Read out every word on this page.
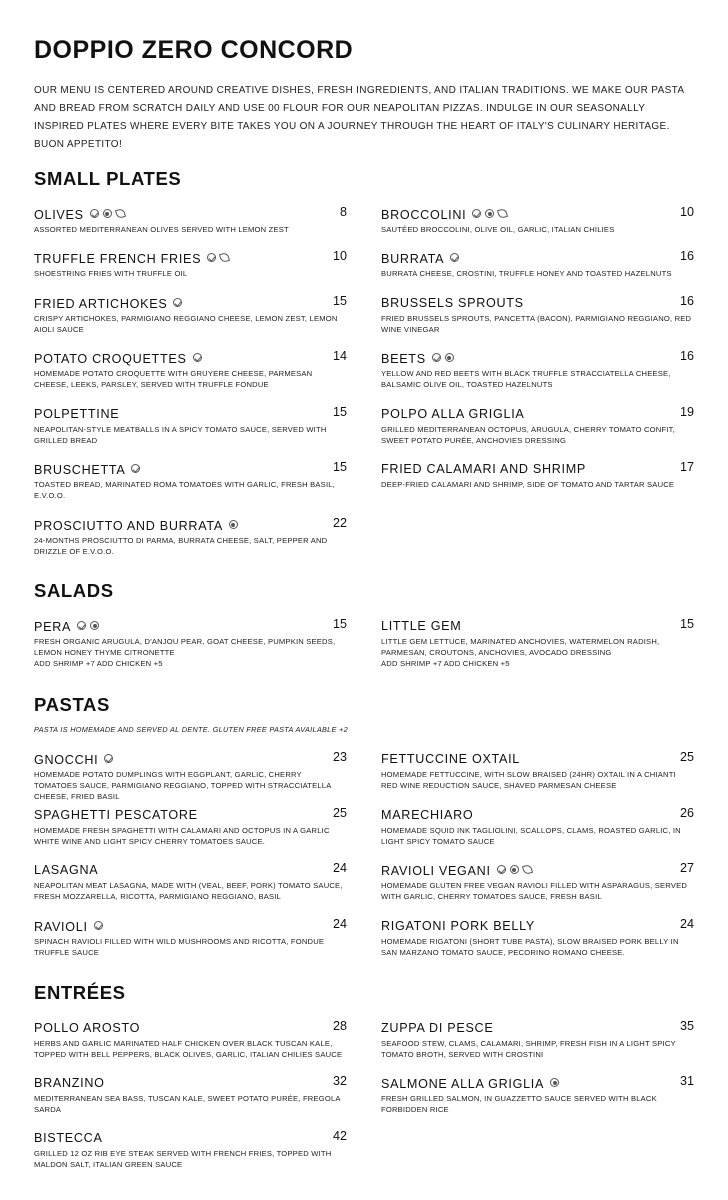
DOPPIO ZERO CONCORD

OUR MENU IS CENTERED AROUND CREATIVE DISHES, FRESH INGREDIENTS, AND ITALIAN TRADITIONS. WE MAKE OUR PASTA AND BREAD FROM SCRATCH DAILY AND USE 00 FLOUR FOR OUR NEAPOLITAN PIZZAS. INDULGE IN OUR SEASONALLY INSPIRED PLATES WHERE EVERY BITE TAKES YOU ON A JOURNEY THROUGH THE HEART OF ITALY'S CULINARY HERITAGE. BUON APPETITO!

SMALL PLATES
OLIVES	8

ASSORTED MEDITERRANEAN OLIVES SERVED WITH LEMON ZEST

BROCCOLINI	10

SAUTÉED BROCCOLINI, OLIVE OIL, GARLIC, ITALIAN CHILIES

TRUFFLE FRENCH FRIES	10

SHOESTRING FRIES WITH TRUFFLE OIL

BURRATA	16

BURRATA CHEESE, CROSTINI, TRUFFLE HONEY AND TOASTED HAZELNUTS

FRIED ARTICHOKES	15

CRISPY ARTICHOKES, PARMIGIANO REGGIANO CHEESE, LEMON ZEST, LEMON AIOLI SAUCE

BRUSSELS SPROUTS	16

FRIED BRUSSELS SPROUTS, PANCETTA (BACON), PARMIGIANO REGGIANO, RED WINE VINEGAR

POTATO CROQUETTES	14

HOMEMADE POTATO CROQUETTE WITH GRUYERE CHEESE, PARMESAN CHEESE, LEEKS, PARSLEY, SERVED WITH TRUFFLE FONDUE

BEETS	16

YELLOW AND RED BEETS WITH BLACK TRUFFLE STRACCIATELLA CHEESE, BALSAMIC OLIVE OIL, TOASTED HAZELNUTS

POLPETTINE	15

NEAPOLITAN-STYLE MEATBALLS IN A SPICY TOMATO SAUCE, SERVED WITH GRILLED BREAD

POLPO ALLA GRIGLIA	19

GRILLED MEDITERRANEAN OCTOPUS, ARUGULA, CHERRY TOMATO CONFIT, SWEET POTATO PURÉE, ANCHOVIES DRESSING

BRUSCHETTA	15

TOASTED BREAD, MARINATED ROMA TOMATOES WITH GARLIC, FRESH BASIL, E.V.O.O.

FRIED CALAMARI AND SHRIMP	17

DEEP-FRIED CALAMARI AND SHRIMP, SIDE OF TOMATO AND TARTAR SAUCE

PROSCIUTTO AND BURRATA	22

24-MONTHS PROSCIUTTO DI PARMA, BURRATA CHEESE, SALT, PEPPER AND DRIZZLE OF E.V.O.O.

SALADS
PERA	15

FRESH ORGANIC ARUGULA, D'ANJOU PEAR, GOAT CHEESE, PUMPKIN SEEDS, LEMON HONEY THYME CITRONETTE

ADD SHRIMP +7 ADD CHICKEN +5

LITTLE GEM	15

LITTLE GEM LETTUCE, MARINATED ANCHOVIES, WATERMELON RADISH, PARMESAN, CROUTONS, ANCHOVIES, AVOCADO DRESSING

ADD SHRIMP +7 ADD CHICKEN +5

PASTAS

PASTA IS HOMEMADE AND SERVED AL DENTE. GLUTEN FREE PASTA AVAILABLE +2

GNOCCHI	23

HOMEMADE POTATO DUMPLINGS WITH EGGPLANT, GARLIC, CHERRY TOMATOES SAUCE, PARMIGIANO REGGIANO, TOPPED WITH STRACCIATELLA CHEESE, FRIED BASIL

FETTUCCINE OXTAIL	25

HOMEMADE FETTUCCINE, WITH SLOW BRAISED (24HR) OXTAIL IN A CHIANTI RED WINE REDUCTION SAUCE, SHAVED PARMESAN CHEESE

SPAGHETTI PESCATORE	25

HOMEMADE FRESH SPAGHETTI WITH CALAMARI AND OCTOPUS IN A GARLIC WHITE WINE AND LIGHT SPICY CHERRY TOMATOES SAUCE.

MARECHIARO	26

HOMEMADE SQUID INK TAGLIOLINI, SCALLOPS, CLAMS, ROASTED GARLIC, IN LIGHT SPICY TOMATO SAUCE

LASAGNA	24

NEAPOLITAN MEAT LASAGNA, MADE WITH (VEAL, BEEF, PORK) TOMATO SAUCE, FRESH MOZZARELLA, RICOTTA, PARMIGIANO REGGIANO, BASIL

RAVIOLI VEGANI	27

HOMEMADE GLUTEN FREE VEGAN RAVIOLI FILLED WITH ASPARAGUS, SERVED WITH GARLIC, CHERRY TOMATOES SAUCE, FRESH BASIL

RAVIOLI	24

SPINACH RAVIOLI FILLED WITH WILD MUSHROOMS AND RICOTTA, FONDUE TRUFFLE SAUCE

RIGATONI PORK BELLY	24

HOMEMADE RIGATONI (SHORT TUBE PASTA), SLOW BRAISED PORK BELLY IN SAN MARZANO TOMATO SAUCE, PECORINO ROMANO CHEESE.

ENTRÉES
POLLO AROSTO	28

HERBS AND GARLIC MARINATED HALF CHICKEN OVER BLACK TUSCAN KALE, TOPPED WITH BELL PEPPERS, BLACK OLIVES, GARLIC, ITALIAN CHILIES SAUCE

ZUPPA DI PESCE	35

SEAFOOD STEW, CLAMS, CALAMARI, SHRIMP, FRESH FISH IN A LIGHT SPICY TOMATO BROTH, SERVED WITH CROSTINI

BRANZINO	32

MEDITERRANEAN SEA BASS, TUSCAN KALE, SWEET POTATO PURÉE, FREGOLA SARDA

SALMONE ALLA GRIGLIA	31

FRESH GRILLED SALMON, IN GUAZZETTO SAUCE SERVED WITH BLACK FORBIDDEN RICE

BISTECCA	42

GRILLED 12 OZ RIB EYE STEAK SERVED WITH FRENCH FRIES, TOPPED WITH MALDON SALT, ITALIAN GREEN SAUCE
